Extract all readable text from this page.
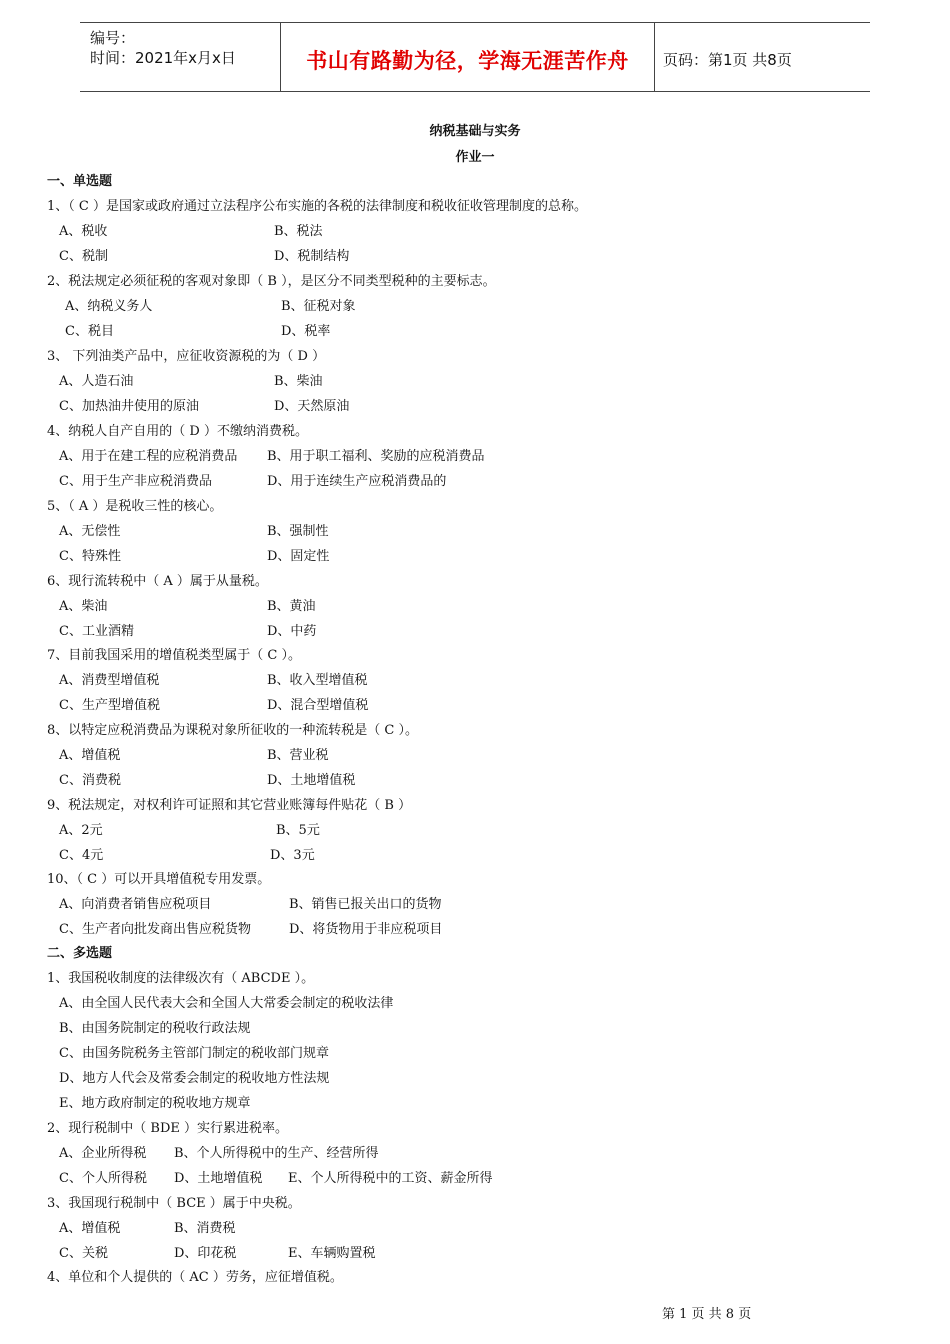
编号：
时间：2021年x月x日	书山有路勤为径，学海无涯苦作舟	页码：第1页 共8页
纳税基础与实务
作业一
一、单选题
1、（ C ）是国家或政府通过立法程序公布实施的各税的法律制度和税收征收管理制度的总称。
A、税收	B、税法
C、税制	D、税制结构
2、税法规定必须征税的客观对象即（ B ），是区分不同类型税种的主要标志。
A、纳税义务人	B、征税对象
C、税目	D、税率
3、 下列油类产品中，应征收资源税的为（ D ）
A、人造石油	B、柴油
C、加热油井使用的原油	D、天然原油
4、纳税人自产自用的（ D ）不缴纳消费税。
A、用于在建工程的应税消费品 B、用于职工福利、奖励的应税消费品
C、用于生产非应税消费品	D、用于连续生产应税消费品的
5、（ A ）是税收三性的核心。
A、无偿性	B、强制性
C、特殊性	D、固定性
6、现行流转税中（ A ）属于从量税。
A、柴油	B、黄油
C、工业酒精	D、中药
7、目前我国采用的增值税类型属于（ C ）。
A、消费型增值税	B、收入型增值税
C、生产型增值税	D、混合型增值税
8、以特定应税消费品为课税对象所征收的一种流转税是（ C ）。
A、增值税	B、营业税
C、消费税	D、土地增值税
9、税法规定，对权利许可证照和其它营业账簿每件贴花（ B ）
A、2元	B、5元
C、4元	D、3元
10、（ C ）可以开具增值税专用发票。
A、向消费者销售应税项目	B、销售已报关出口的货物
C、生产者向批发商出售应税货物	D、将货物用于非应税项目
二、多选题
1、我国税收制度的法律级次有（ ABCDE ）。
A、由全国人民代表大会和全国人大常委会制定的税收法律
B、由国务院制定的税收行政法规
C、由国务院税务主管部门制定的税收部门规章
D、地方人代会及常委会制定的税收地方性法规
E、地方政府制定的税收地方规章
2、现行税制中（ BDE ）实行累进税率。
A、企业所得税 B、个人所得税中的生产、经营所得
C、个人所得税 D、土地增值税 E、个人所得税中的工资、薪金所得
3、我国现行税制中（ BCE ）属于中央税。
A、增值税	B、消费税
C、关税	D、印花税	E、车辆购置税
4、单位和个人提供的（ AC ）劳务，应征增值税。
第 1 页 共 8 页
